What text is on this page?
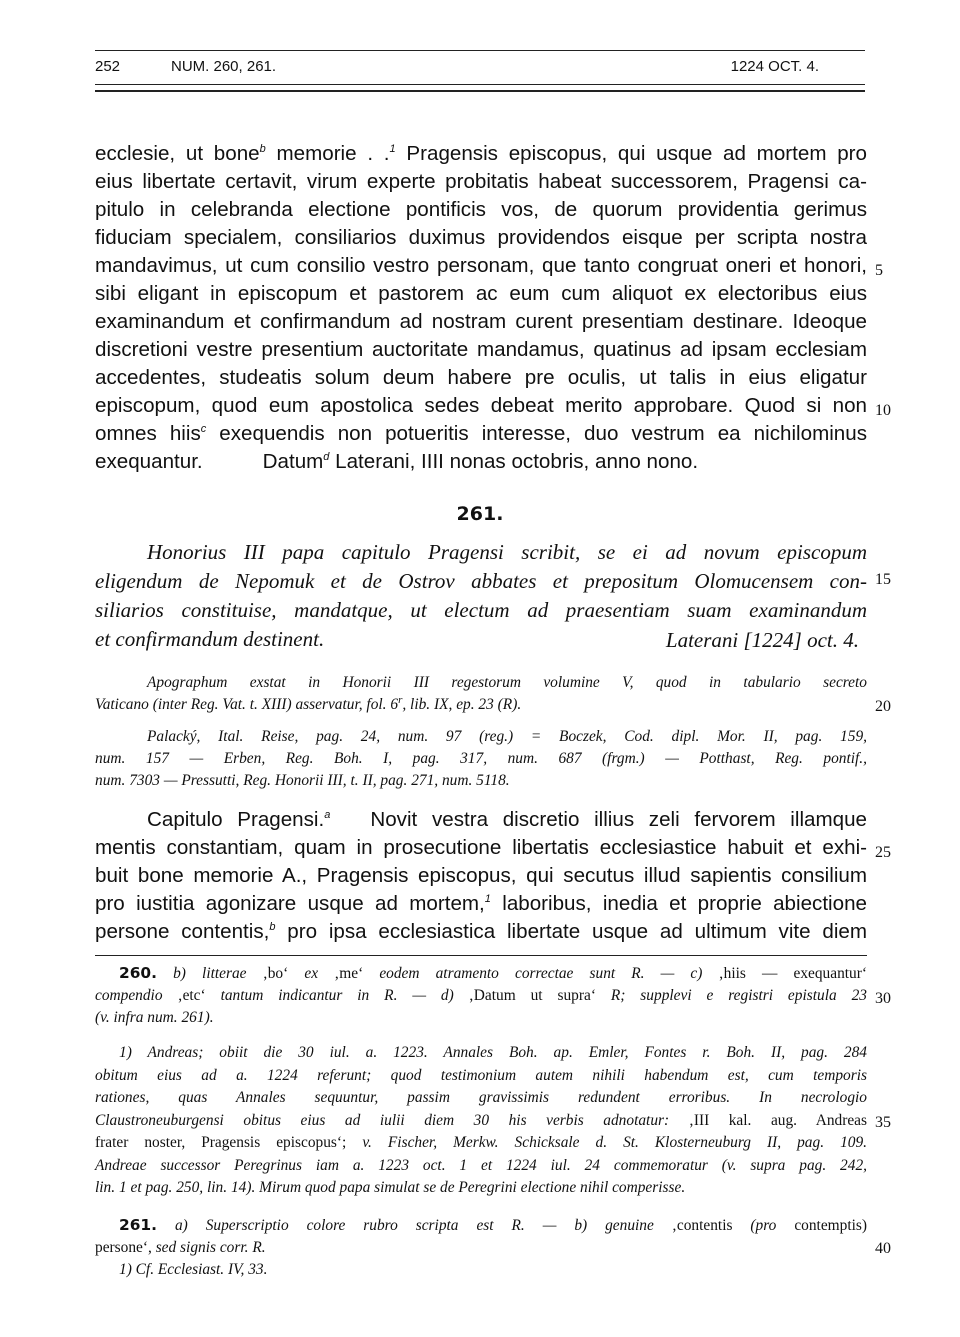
252	NUM. 260, 261.	1224 OCT. 4.
ecclesie, ut bone$^b$ memorie . .$^1$ Pragensis episcopus, qui usque ad mortem pro
eius libertate certavit, virum experte probitatis habeat successorem, Pragensi ca-
pitulo in celebranda electione pontificis vos, de quorum providentia gerimus
fiduciam specialem, consiliarios duximus providendos eisque per scripta nostra
mandavimus, ut cum consilio vestro personam, que tanto congruat oneri et honori,
sibi eligant in episcopum et pastorem ac eum cum aliquot ex electoribus eius
examinandum et confirmandum ad nostram curent presentiam destinare. Ideoque
discretioni vestre presentium auctoritate mandamus, quatinus ad ipsam ecclesiam
accedentes, studeatis solum deum habere pre oculis, ut talis in eius eligatur
episcopum, quod eum apostolica sedes debeat merito approbare. Quod si non
omnes hiis$^c$ exequendis non potueritis interesse, duo vestrum ea nichilominus
exequantur.	Datum$^d$ Laterani, IIII nonas octobris, anno nono.
261.
Honorius III papa capitulo Pragensi scribit, se ei ad novum episcopum
eligendum de Nepomuk et de Ostrov abbates et prepositum Olomucensem con-
siliarios constituise, mandatque, ut electum ad praesentiam suam examinandum
et confirmandum destinent.	Laterani [1224] oct. 4.
Apographum exstat in Honorii III regestorum volumine V, quod in tabulario secreto
Vaticano (inter Reg. Vat. t. XIII) asservatur, fol. 6$^r$, lib. IX, ep. 23 (R).
Palacký, Ital. Reise, pag. 24, num. 97 (reg.) = Boczek, Cod. dipl. Mor. II, pag. 159,
num. 157 — Erben, Reg. Boh. I, pag. 317, num. 687 (frgm.) — Potthast, Reg. pontif.,
num. 7303 — Pressutti, Reg. Honorii III, t. II, pag. 271, num. 5118.
Capitulo Pragensi.$^a$ Novit vestra discretio illius zeli fervorem illamque
mentis constantiam, quam in prosecutione libertatis ecclesiastice habuit et exhi-
buit bone memorie A., Pragensis episcopus, qui secutus illud sapientis consilium
pro iustitia agonizare usque ad mortem,$^1$ laboribus, inedia et proprie abiectione
persone contentis,$^b$ pro ipsa ecclesiastica libertate usque ad ultimum vite diem
260. b) litterae ‚bo‘ ex ‚me‘ eodem atramento correctae sunt R. — c) ‚hiis — exequantur‘
compendio ‚etc‘ tantum indicantur in R. — d) ‚Datum ut supra‘ R; supplevi e registri epistula 23
(v. infra num. 261).
1) Andreas; obiit die 30 iul. a. 1223. Annales Boh. ap. Emler, Fontes r. Boh. II, pag. 284
obitum eius ad a. 1224 referunt; quod testimonium autem nihili habendum est, cum temporis
rationes, quas Annales sequuntur, passim gravissimis redundent erroribus. In necrologio
Claustroneuburgensi obitus eius ad iulii diem 30 his verbis adnotatur: ‚III kal. aug. Andreas
frater noster, Pragensis episcopus‘; v. Fischer, Merkw. Schicksale d. St. Klosterneuburg II, pag. 109.
Andreae successor Peregrinus iam a. 1223 oct. 1 et 1224 iul. 24 commemoratur (v. supra pag. 242,
lin. 1 et pag. 250, lin. 14). Mirum quod papa simulat se de Peregrini electione nihil comperisse.
261. a) Superscriptio colore rubro scripta est R. — b) genuine ‚contentis (pro contemptis)
persone‘, sed signis corr. R.
1) Cf. Ecclesiast. IV, 33.
5
10
15
20
25
30
35
40
